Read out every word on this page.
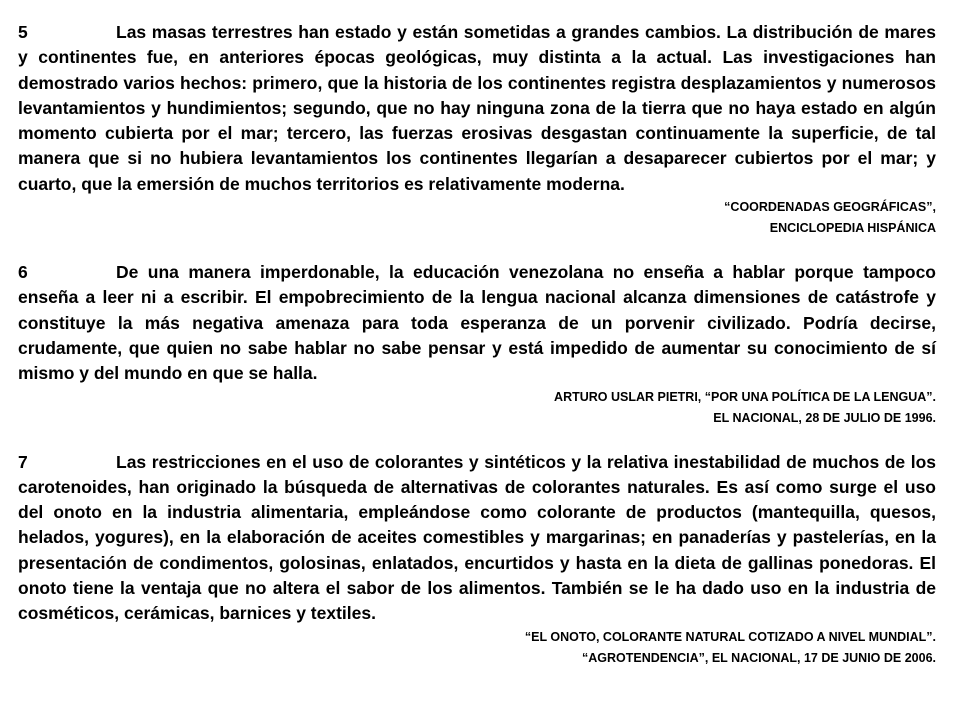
5	Las masas terrestres han estado y están sometidas a grandes cambios. La distribución de mares y continentes fue, en anteriores épocas geológicas, muy distinta a la actual. Las investigaciones han demostrado varios hechos: primero, que la historia de los continentes registra desplazamientos y numerosos levantamientos y hundimientos; segundo, que no hay ninguna zona de la tierra que no haya estado en algún momento cubierta por el mar; tercero, las fuerzas erosivas desgastan continuamente la superficie, de tal manera que si no hubiera levantamientos los continentes llegarían a desaparecer cubiertos por el mar; y cuarto, que la emersión de muchos territorios es relativamente moderna.

“COORDENADAS GEOGRÁFICAS”,

ENCICLOPEDIA HISPÁNICA

6	De una manera imperdonable, la educación venezolana no enseña a hablar porque tampoco enseña a leer ni a escribir. El empobrecimiento de la lengua nacional alcanza dimensiones de catástrofe y constituye la más negativa amenaza para toda esperanza de un porvenir civilizado. Podría decirse, crudamente, que quien no sabe hablar no sabe pensar y está impedido de aumentar su conocimiento de sí mismo y del mundo en que se halla.

ARTURO USLAR PIETRI, “POR UNA POLÍTICA DE LA LENGUA”.

EL NACIONAL, 28 DE JULIO DE 1996.

7	Las restricciones en el uso de colorantes y sintéticos y la relativa inestabilidad de muchos de los carotenoides, han originado la búsqueda de alternativas de colorantes naturales. Es así como surge el uso del onoto en la industria alimentaria, empleándose como colorante de productos (mantequilla, quesos, helados, yogures), en la elaboración de aceites comestibles y margarinas; en panaderías y pastelerías, en la presentación de condimentos, golosinas, enlatados, encurtidos y hasta en la dieta de gallinas ponedoras. El onoto tiene la ventaja que no altera el sabor de los alimentos. También se le ha dado uso en la industria de cosméticos, cerámicas, barnices y textiles.

“EL ONOTO, COLORANTE NATURAL COTIZADO A NIVEL MUNDIAL”.

“AGROTENDENCIA”, EL NACIONAL, 17 DE JUNIO DE 2006.
